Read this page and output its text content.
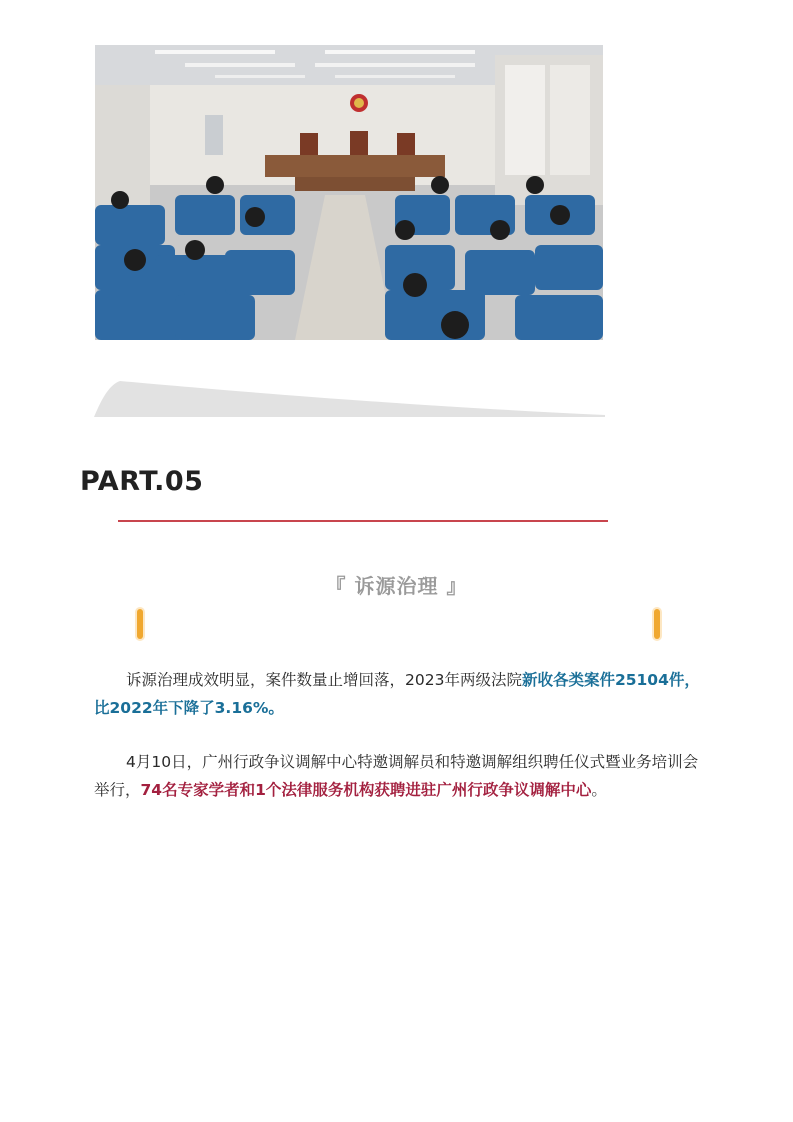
PART.05
『 诉源治理 』

诉源治理成效明显，案件数量止增回落，2023年两级法院新收各类案件25104件，比2022年下降了3.16%。

4月10日，广州行政争议调解中心特邀调解员和特邀调解组织聘任仪式暨业务培训会举行，74名专家学者和1个法律服务机构获聘进驻广州行政争议调解中心。
